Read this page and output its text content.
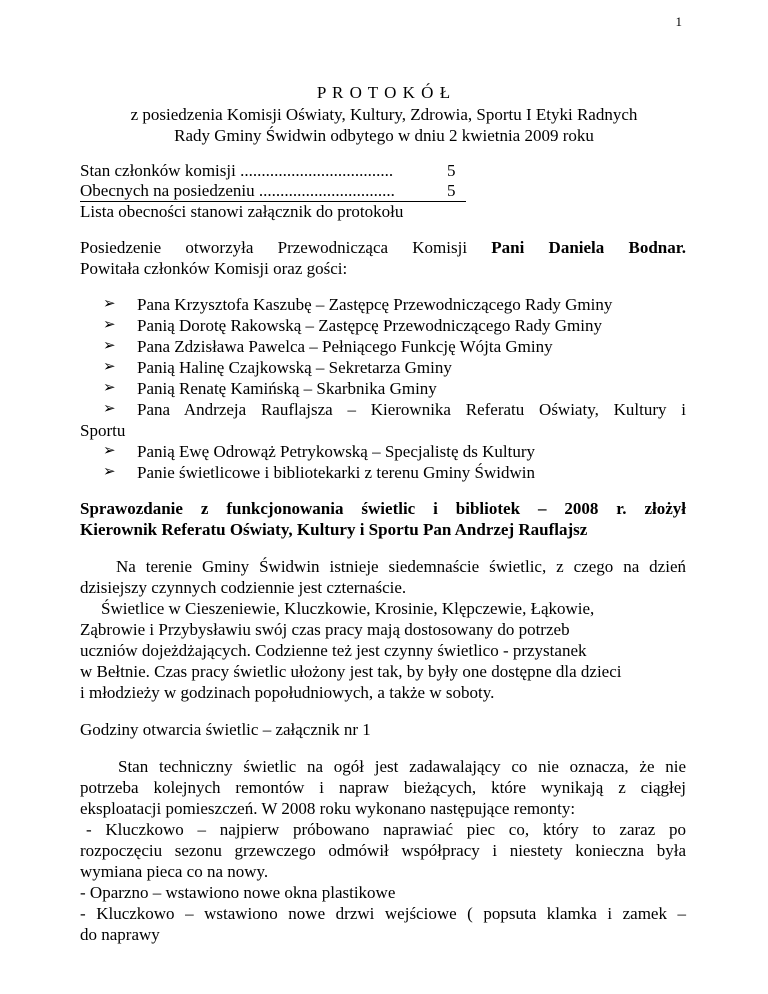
1
P R O T O K Ó Ł
z posiedzenia Komisji Oświaty, Kultury, Zdrowia, Sportu I Etyki Radnych
Rady Gminy Świdwin odbytego w dniu 2 kwietnia 2009 roku
Stan członków komisji ....................................	5
Obecnych na posiedzeniu ................................	5
Lista obecności stanowi załącznik do protokołu
Posiedzenie otworzyła Przewodnicząca Komisji Pani Daniela Bodnar.
Powitała członków Komisji oraz gości:
➢ Pana Krzysztofa Kaszubę – Zastępcę Przewodniczącego Rady Gminy
➢ Panią Dorotę Rakowską – Zastępcę Przewodniczącego Rady Gminy
➢ Pana Zdzisława Pawelca – Pełniącego Funkcję Wójta Gminy
➢ Panią Halinę Czajkowską – Sekretarza Gminy
➢ Panią Renatę Kamińską – Skarbnika Gminy
➢ Pana Andrzeja Rauflajsza – Kierownika Referatu Oświaty, Kultury i
Sportu
➢ Panią Ewę Odrowąż Petrykowską – Specjalistę ds Kultury
➢ Panie świetlicowe i bibliotekarki z terenu Gminy Świdwin
Sprawozdanie z funkcjonowania świetlic i bibliotek – 2008 r. złożył
Kierownik Referatu Oświaty, Kultury i Sportu Pan Andrzej Rauflajsz
Na terenie Gminy Świdwin istnieje siedemnaście świetlic, z czego na dzień
dzisiejszy czynnych codziennie jest czternaście.
Świetlice w Cieszeniewie, Kluczkowie, Krosinie, Klępczewie, Łąkowie,
Ząbrowie i Przybysławiu swój czas pracy mają dostosowany do potrzeb
uczniów dojeżdżających. Codzienne też jest czynny świetlico - przystanek
w Bełtnie. Czas pracy świetlic ułożony jest tak, by były one dostępne dla dzieci
i młodzieży w godzinach popołudniowych, a także w soboty.
Godziny otwarcia świetlic – załącznik nr 1
Stan techniczny świetlic na ogół jest zadawalający co nie oznacza, że nie
potrzeba kolejnych remontów i napraw bieżących, które wynikają z ciągłej
eksploatacji pomieszczeń. W 2008 roku wykonano następujące remonty:
- Kluczkowo – najpierw próbowano naprawiać piec co, który to zaraz po
rozpoczęciu sezonu grzewczego odmówił współpracy i niestety konieczna była
wymiana pieca co na nowy.
- Oparzno – wstawiono nowe okna plastikowe
- Kluczkowo – wstawiono nowe drzwi wejściowe ( popsuta klamka i zamek –
do naprawy
